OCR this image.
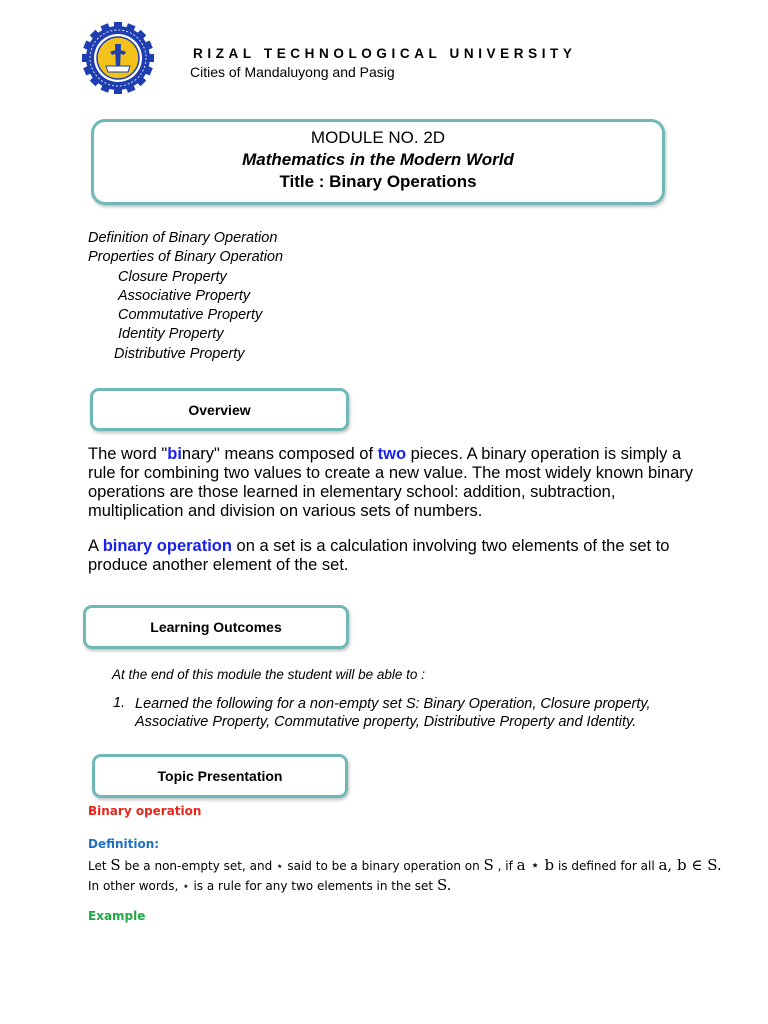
RIZAL TECHNOLOGICAL UNIVERSITY
Cities of Mandaluyong and Pasig
MODULE NO. 2D
Mathematics in the Modern World
Title : Binary Operations
Definition of Binary Operation
Properties of Binary Operation
Closure Property
Associative Property
Commutative Property
Identity Property
Distributive Property
Overview
The word "binary" means composed of two pieces. A binary operation is simply a rule for combining two values to create a new value. The most widely known binary operations are those learned in elementary school: addition, subtraction, multiplication and division on various sets of numbers.
A binary operation on a set is a calculation involving two elements of the set to produce another element of the set.
Learning Outcomes
At the end of this module the student will be able to :
1. Learned the following for a non-empty set S: Binary Operation, Closure property, Associative Property, Commutative property, Distributive Property and Identity.
Topic Presentation
Binary operation
Definition:
Let S be a non-empty set, and ⋆ said to be a binary operation on S , if a ⋆ b is defined for all a, b ∈ S.
In other words, ⋆ is a rule for any two elements in the set S.
Example
